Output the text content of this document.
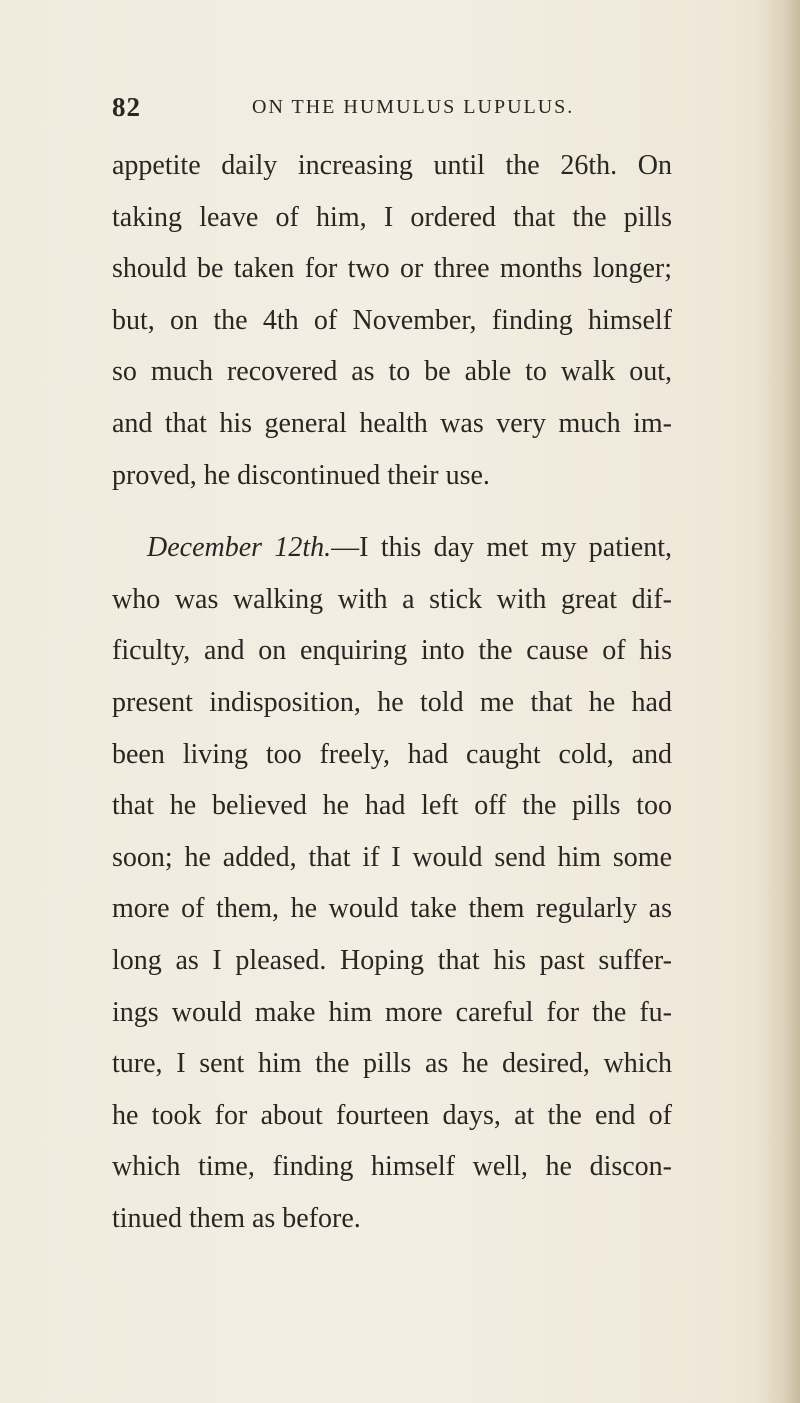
82	ON THE HUMULUS LUPULUS.
appetite daily increasing until the 26th. On
taking leave of him, I ordered that the pills
should be taken for two or three months longer;
but, on the 4th of November, finding himself
so much recovered as to be able to walk out,
and that his general health was very much im-
proved, he discontinued their use.
December 12th.—I this day met my patient,
who was walking with a stick with great dif-
ficulty, and on enquiring into the cause of his
present indisposition, he told me that he had
been living too freely, had caught cold, and
that he believed he had left off the pills too
soon; he added, that if I would send him some
more of them, he would take them regularly as
long as I pleased. Hoping that his past suffer-
ings would make him more careful for the fu-
ture, I sent him the pills as he desired, which
he took for about fourteen days, at the end of
which time, finding himself well, he discon-
tinued them as before.
